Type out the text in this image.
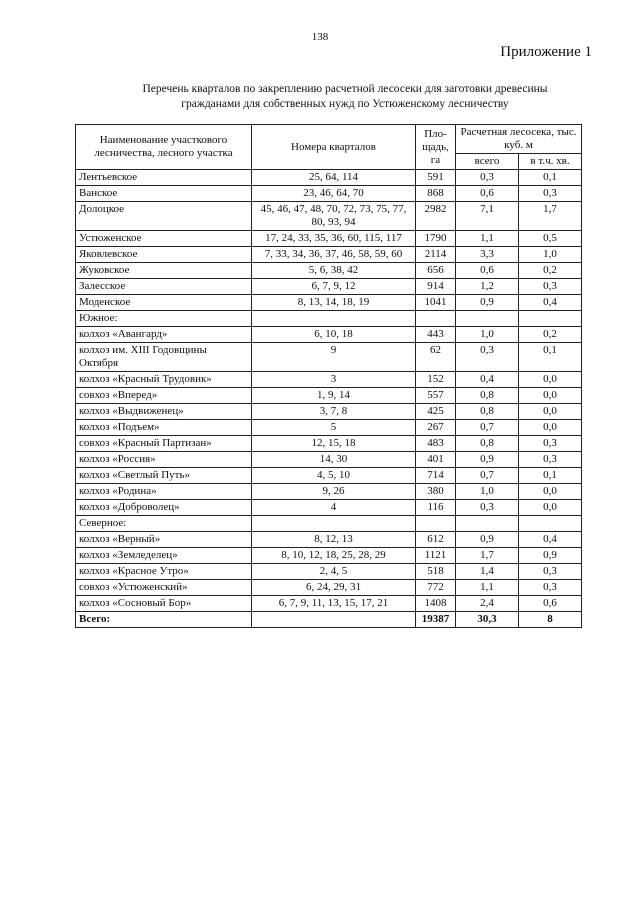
138
Приложение 1
Перечень кварталов по закреплению расчетной лесосеки для заготовки древесины
гражданами для собственных нужд по Устюженскому лесничеству
Наименование участкового лесничества, лесного участка	Номера кварталов	Пло-щадь, га	Расчетная лесосека, тыс. куб. м	
			всего	в т.ч. хв.
Лентьевское	25, 64, 114	591	0,3	0,1
Ванское	23, 46, 64, 70	868	0,6	0,3
Долоцкое	45, 46, 47, 48, 70, 72, 73, 75, 77, 80, 93, 94	2982	7,1	1,7
Устюженское	17, 24, 33, 35, 36, 60, 115, 117	1790	1,1	0,5
Яковлевское	7, 33, 34, 36, 37, 46, 58, 59, 60	2114	3,3	1,0
Жуковское	5, 6, 38, 42	656	0,6	0,2
Залесское	6, 7, 9, 12	914	1,2	0,3
Моденское	8, 13, 14, 18, 19	1041	0,9	0,4
Южное:				
колхоз «Авангард»	6, 10, 18	443	1,0	0,2
колхоз им. XIII Годовщины Октября	9	62	0,3	0,1
колхоз «Красный Трудовик»	3	152	0,4	0,0
совхоз «Вперед»	1, 9, 14	557	0,8	0,0
колхоз «Выдвиженец»	3, 7, 8	425	0,8	0,0
колхоз «Подъем»	5	267	0,7	0,0
совхоз «Красный Партизан»	12, 15, 18	483	0,8	0,3
колхоз «Россия»	14, 30	401	0,9	0,3
колхоз «Светлый Путь»	4, 5, 10	714	0,7	0,1
колхоз «Родина»	9, 26	380	1,0	0,0
колхоз «Доброволец»	4	116	0,3	0,0
Северное:				
колхоз «Верный»	8, 12, 13	612	0,9	0,4
колхоз «Земледелец»	8, 10, 12, 18, 25, 28, 29	1121	1,7	0,9
колхоз «Красное Утро»	2, 4, 5	518	1,4	0,3
совхоз «Устюженский»	6, 24, 29, 31	772	1,1	0,3
колхоз «Сосновый Бор»	6, 7, 9, 11, 13, 15, 17, 21	1408	2,4	0,6
Всего:		19387	30,3	8
